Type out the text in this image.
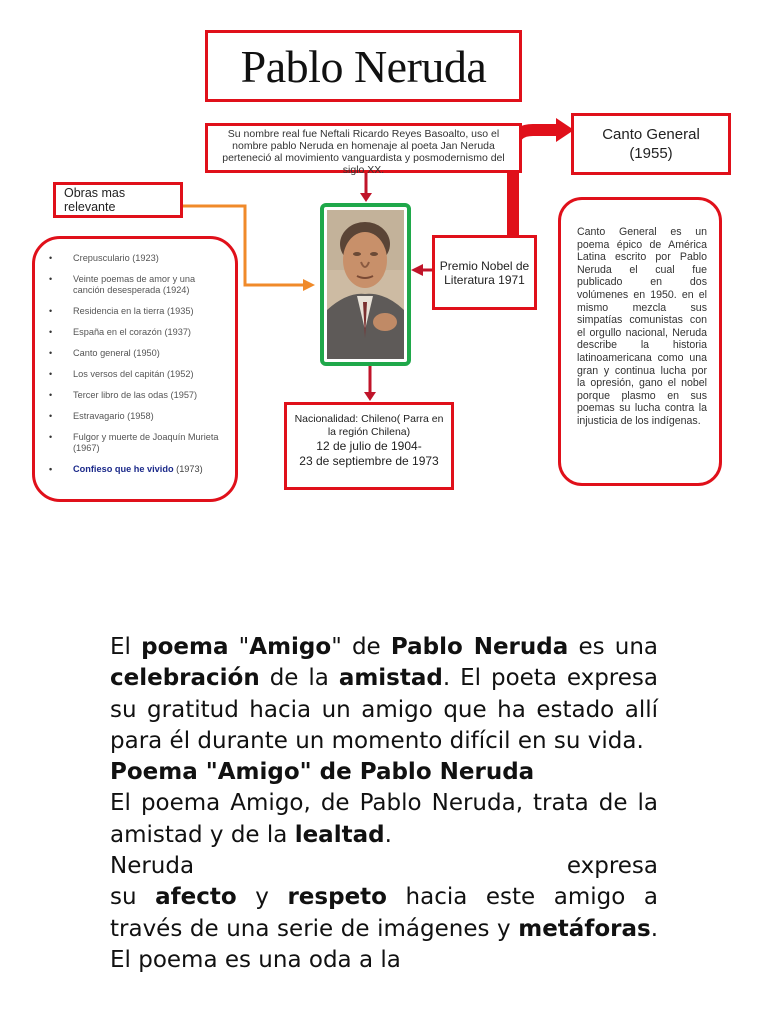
Pablo Neruda
Su nombre real fue Neftali Ricardo Reyes Basoalto, uso el nombre pablo Neruda en homenaje al poeta Jan Neruda perteneció al movimiento vanguardista y posmodernismo del siglo XX.
Obras mas relevante
• Crepusculario (1923)
• Veinte poemas de amor y una canción desesperada (1924)
• Residencia en la tierra (1935)
• España en el corazón (1937)
• Canto general (1950)
• Los versos del capitán (1952)
• Tercer libro de las odas (1957)
• Estravagario (1958)
• Fulgor y muerte de Joaquín Murieta (1967)
• Confieso que he vivido (1973)
Premio Nobel de Literatura 1971
Canto General
(1955)
Canto General es un poema épico de América Latina escrito por Pablo Neruda el cual fue publicado en dos volúmenes en 1950. en el mismo mezcla sus simpatías comunistas con el orgullo nacional, Neruda describe la historia latinoamericana como una gran y continua lucha por la opresión, gano el nobel porque plasmo en sus poemas su lucha contra la injusticia de los indígenas.
Nacionalidad: Chileno( Parra en la región Chilena)
12 de julio de 1904-
23 de septiembre de 1973

El poema "Amigo" de Pablo Neruda es una celebración de la amistad. El poeta expresa su gratitud hacia un amigo que ha estado allí para él durante un momento difícil en su vida.

Poema "Amigo" de Pablo Neruda

El poema Amigo, de Pablo Neruda, trata de la amistad y de la lealtad.

Neruda	expresa

su afecto y respeto hacia este amigo a través de una serie de imágenes y metáforas. El poema es una oda a la
